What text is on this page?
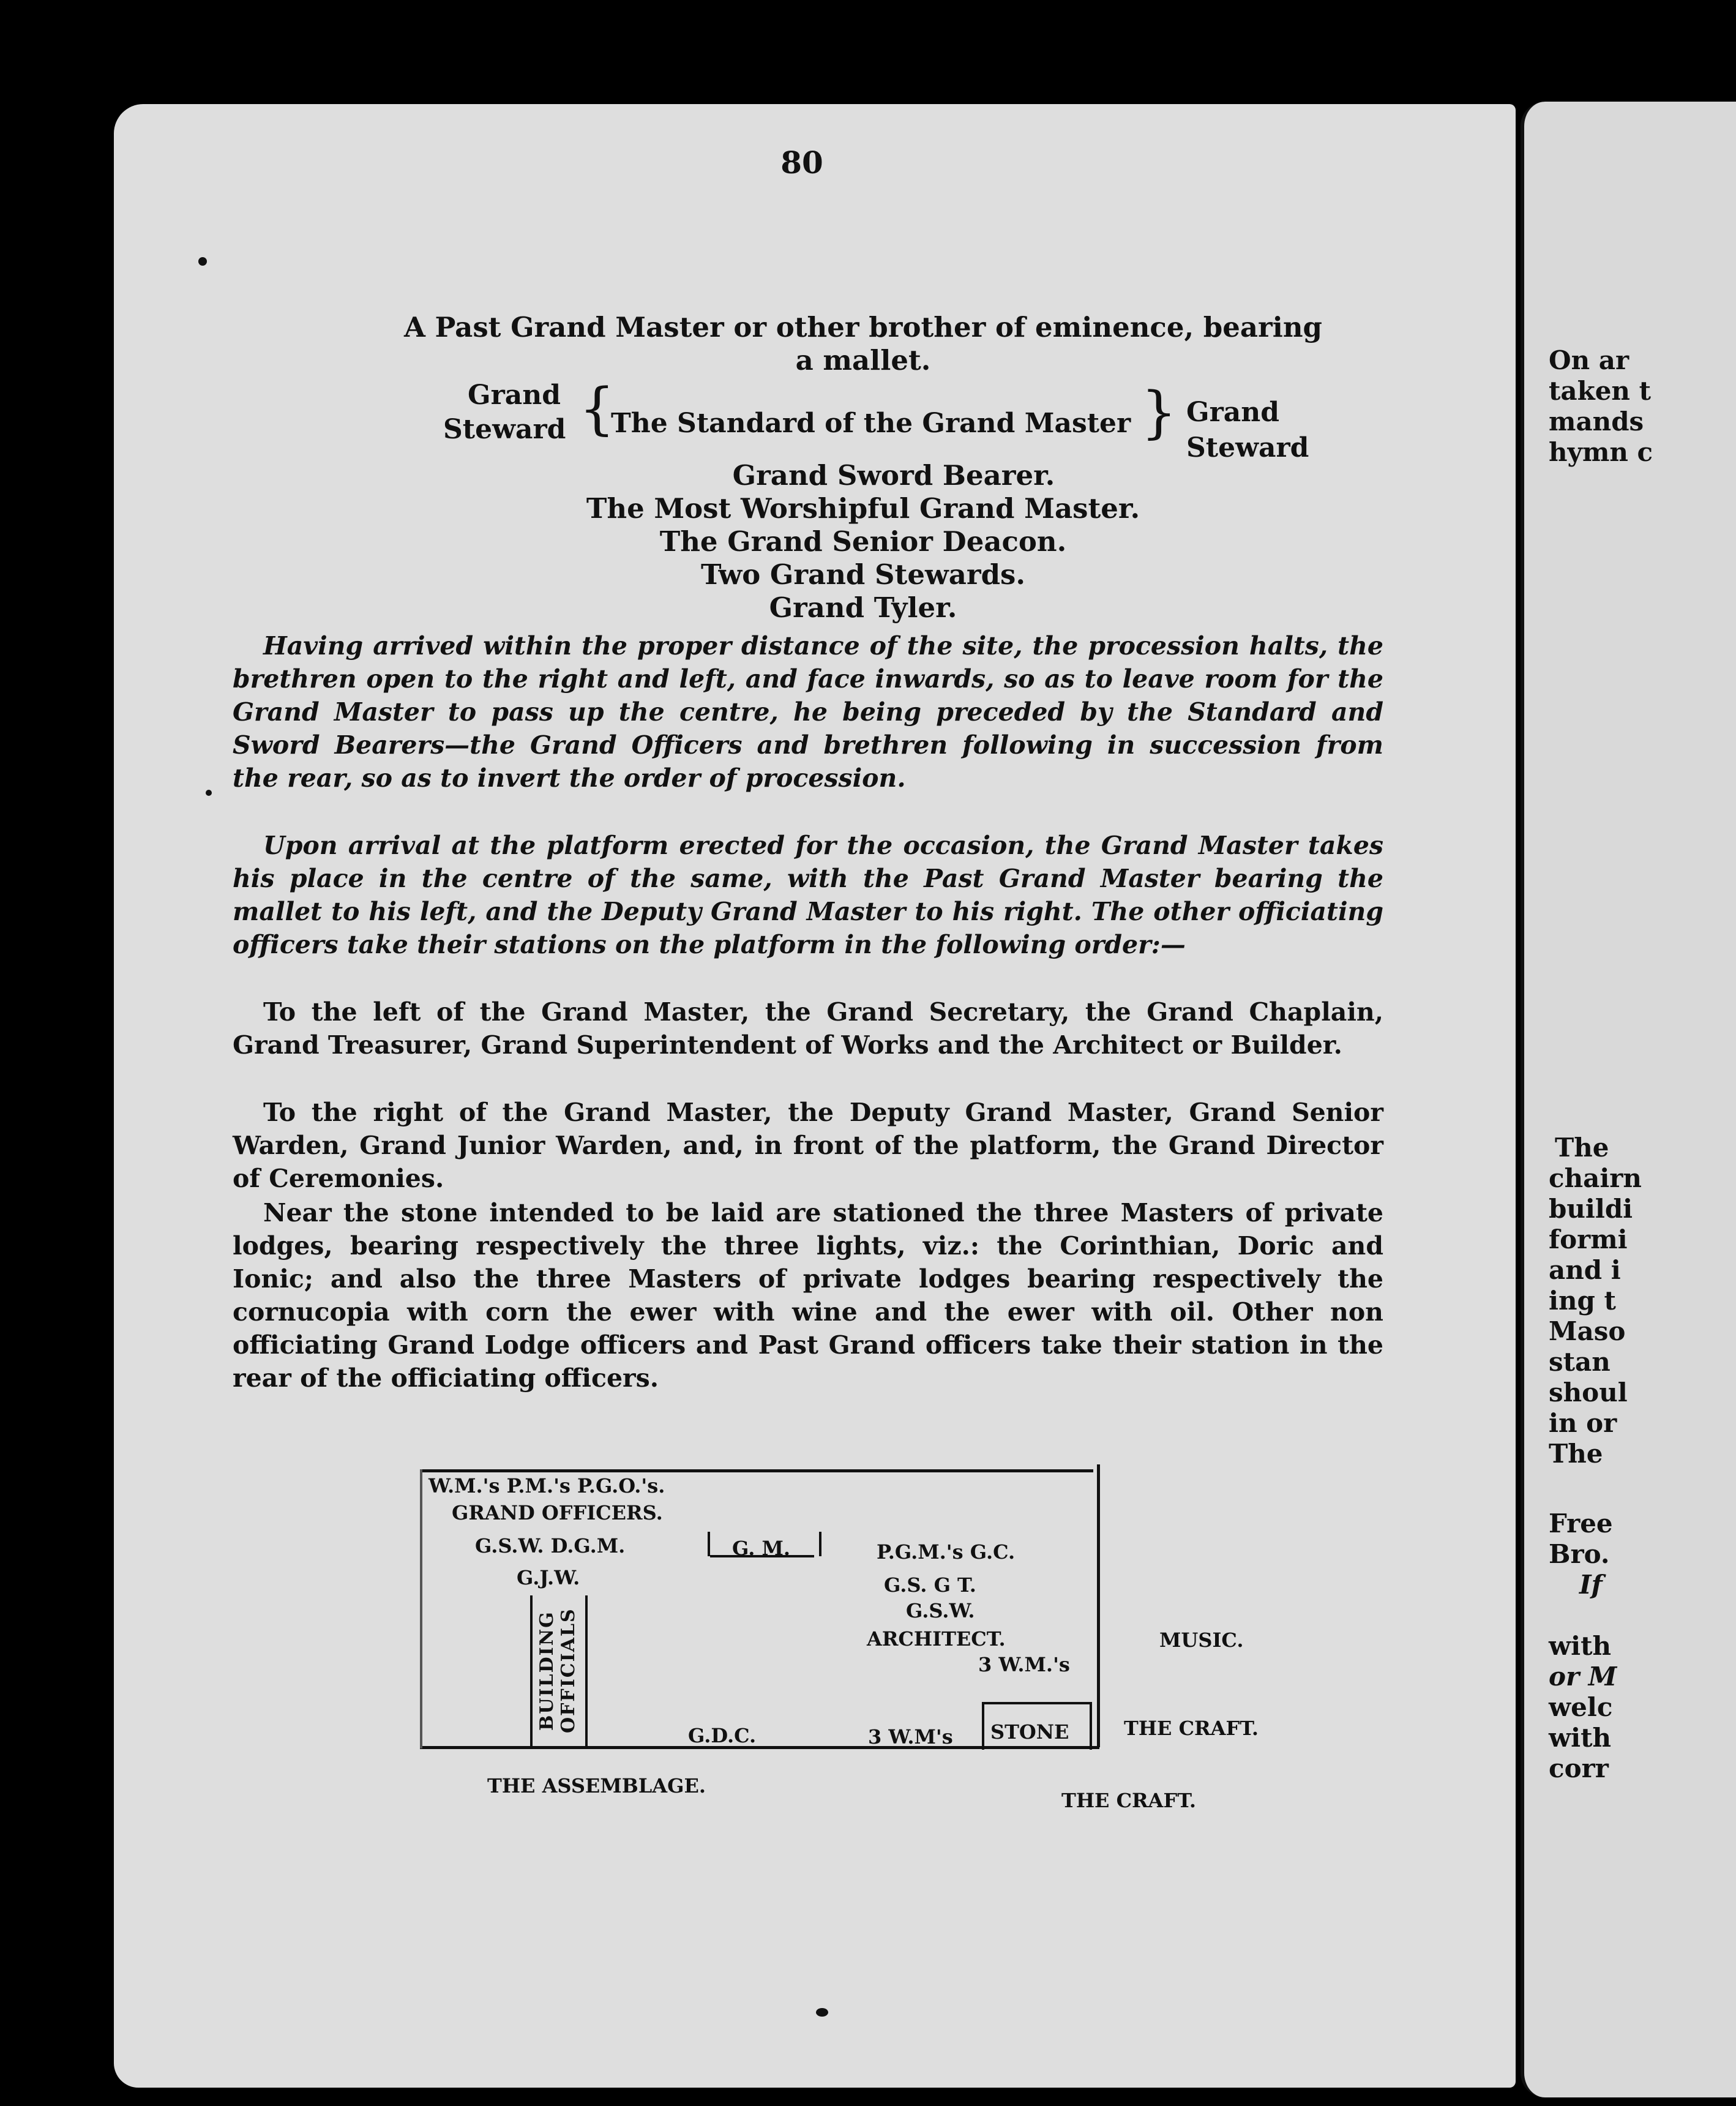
On ar
taken t
mands
hymn c
The
chairn
buildi
formi
and i
ing t
Maso
stan
shoul
in or
The
Free
Bro.
If
with
or M
welc
with
corr
80
A Past Grand Master or other brother of eminence, bearing
a mallet.
Grand
Steward {
The Standard of the Grand Master } Grand
Steward
Grand Sword Bearer.
The Most Worshipful Grand Master.
The Grand Senior Deacon.
Two Grand Stewards.
Grand Tyler.
Having arrived within the proper distance of the site, the procession halts, the brethren open to the right and left, and face inwards, so as to leave room for the Grand Master to pass up the centre, he being preceded by the Standard and Sword Bearers—the Grand Officers and brethren following in succession from the rear, so as to invert the order of procession.
Upon arrival at the platform erected for the occasion, the Grand Master takes his place in the centre of the same, with the Past Grand Master bearing the mallet to his left, and the Deputy Grand Master to his right. The other officiating officers take their stations on the platform in the following order:—
To the left of the Grand Master, the Grand Secretary, the Grand Chaplain, Grand Treasurer, Grand Superintendent of Works and the Architect or Builder.
To the right of the Grand Master, the Deputy Grand Master, Grand Senior Warden, Grand Junior Warden, and, in front of the platform, the Grand Director of Ceremonies.
Near the stone intended to be laid are stationed the three Masters of private lodges, bearing respectively the three lights, viz.: the Corinthian, Doric and Ionic; and also the three Masters of private lodges bearing respectively the cornucopia with corn the ewer with wine and the ewer with oil. Other non officiating Grand Lodge officers and Past Grand officers take their station in the rear of the officiating officers.
W.M.'s P.M.'s P.G.O.'s.
GRAND OFFICERS.
G.S.W. D.G.M.	G. M.	P.G.M.'s G.C.
G.J.W.	G.S. G T.
G.S.W.
ARCHITECT.
3 W.M.'s
BUILDING OFFICIALS
G.D.C.	3 W.M's STONE
MUSIC.
THE CRAFT.
THE ASSEMBLAGE.
THE CRAFT.
